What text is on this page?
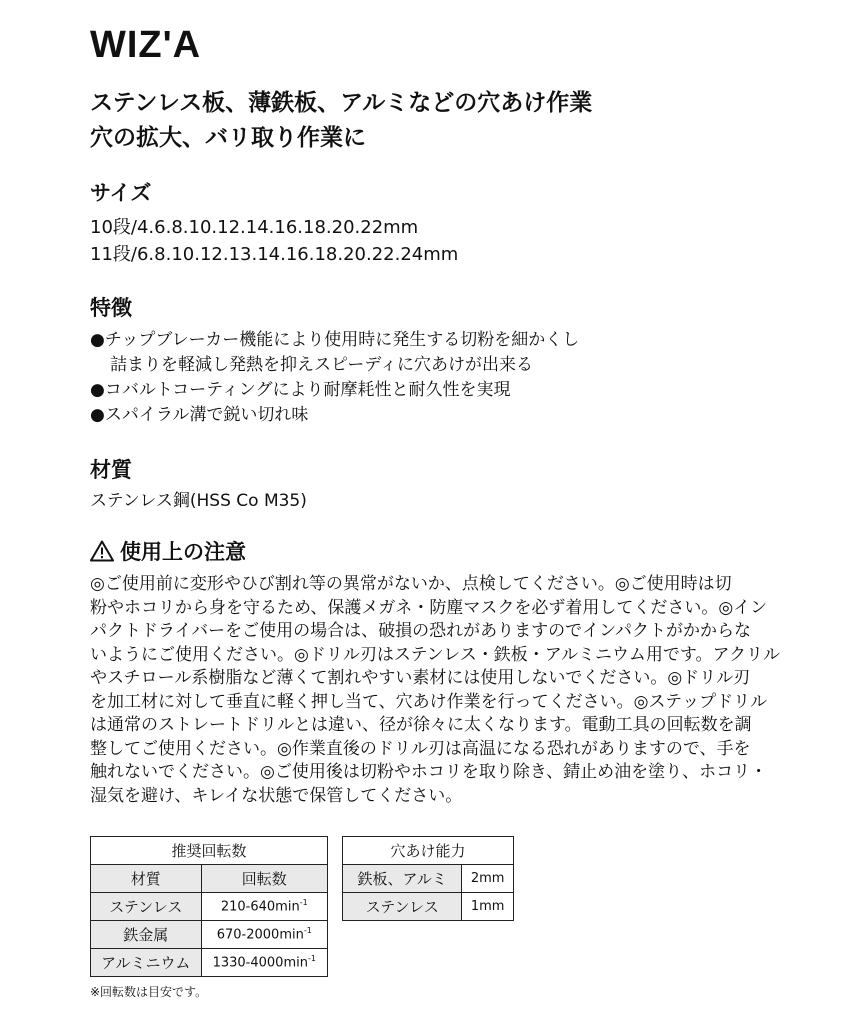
WIZ'A
ステンレス板、薄鉄板、アルミなどの穴あけ作業
穴の拡大、バリ取り作業に
サイズ
10段/4.6.8.10.12.14.16.18.20.22mm
11段/6.8.10.12.13.14.16.18.20.22.24mm
特徴
●チップブレーカー機能により使用時に発生する切粉を細かくし
詰まりを軽減し発熱を抑えスピーディに穴あけが出来る
●コバルトコーティングにより耐摩耗性と耐久性を実現
●スパイラル溝で鋭い切れ味
材質
ステンレス鋼(HSS Co M35)
使用上の注意
◎ご使用前に変形やひび割れ等の異常がないか、点検してください。◎ご使用時は切
粉やホコリから身を守るため、保護メガネ・防塵マスクを必ず着用してください。◎イン
パクトドライバーをご使用の場合は、破損の恐れがありますのでインパクトがかからな
いようにご使用ください。◎ドリル刃はステンレス・鉄板・アルミニウム用です。アクリル
やスチロール系樹脂など薄くて割れやすい素材には使用しないでください。◎ドリル刃
を加工材に対して垂直に軽く押し当て、穴あけ作業を行ってください。◎ステップドリル
は通常のストレートドリルとは違い、径が徐々に太くなります。電動工具の回転数を調
整してご使用ください。◎作業直後のドリル刃は高温になる恐れがありますので、手を
触れないでください。◎ご使用後は切粉やホコリを取り除き、錆止め油を塗り、ホコリ・
湿気を避け、キレイな状態で保管してください。
推奨回転数	
材質	回転数
ステンレス	$210-640\min^{-1}$
鉄金属	$670-2000\min^{-1}$
アルミニウム	$1330-4000\min^{-1}$
穴あけ能力	
鉄板、アルミ	2mm
ステンレス	1mm
※回転数は目安です。
